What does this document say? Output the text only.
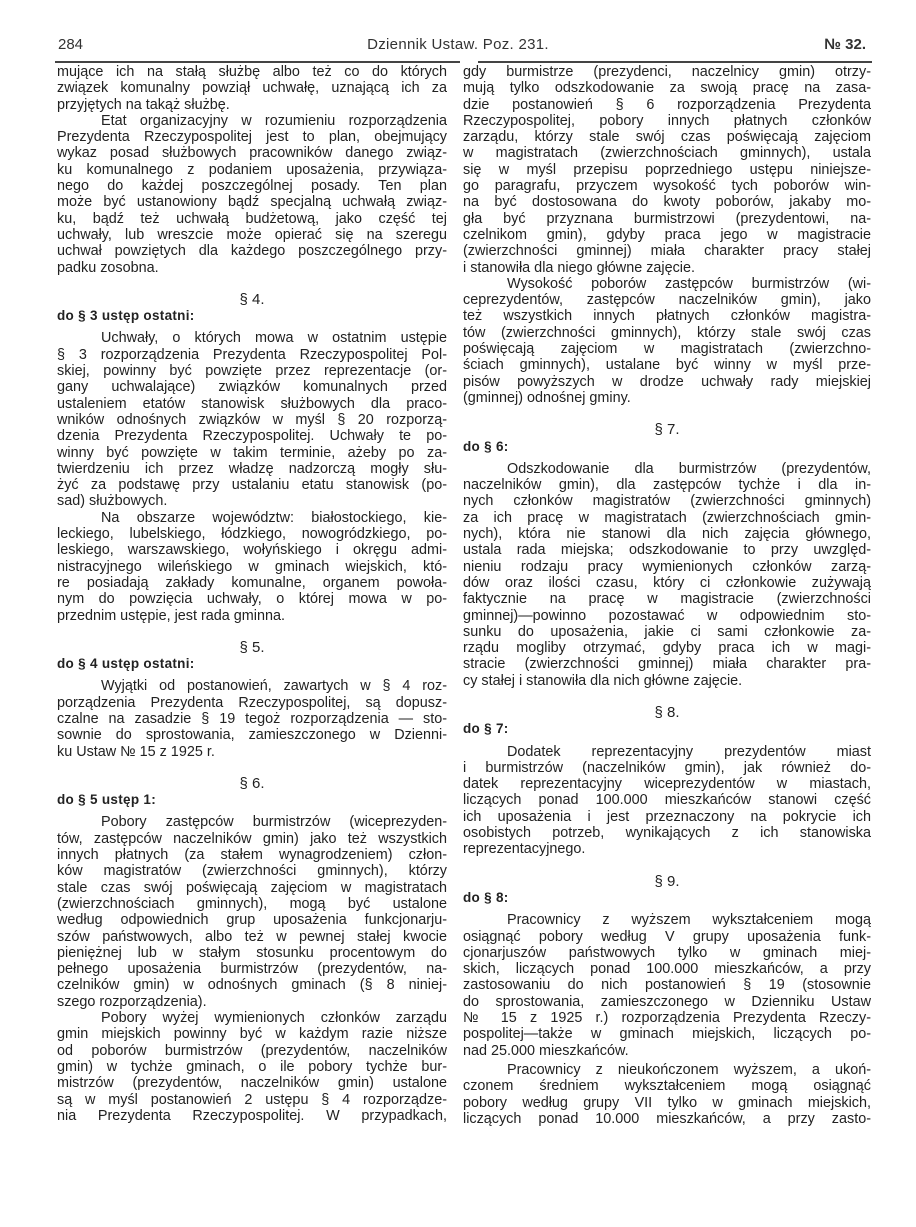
284	Dziennik Ustaw. Poz. 231.	№ 32.
mujące ich na stałą służbę albo też co do których
związek komunalny powziął uchwałę, uznającą ich za
przyjętych na takąż służbę.
Etat organizacyjny w rozumieniu rozporządzenia
Prezydenta Rzeczypospolitej jest to plan, obejmujący
wykaz posad służbowych pracowników danego związ-
ku komunalnego z podaniem uposażenia, przywiąza-
nego do każdej poszczególnej posady. Ten plan
może być ustanowiony bądź specjalną uchwałą związ-
ku, bądź też uchwałą budżetową, jako część tej
uchwały, lub wreszcie może opierać się na szeregu
uchwał powziętych dla każdego poszczególnego przy-
padku zosobna.
§ 4.
do § 3 ustęp ostatni:
Uchwały, o których mowa w ostatnim ustępie
§ 3 rozporządzenia Prezydenta Rzeczypospolitej Pol-
skiej, powinny być powzięte przez reprezentacje (or-
gany uchwalające) związków komunalnych przed
ustaleniem etatów stanowisk służbowych dla praco-
wników odnośnych związków w myśl § 20 rozporzą-
dzenia Prezydenta Rzeczypospolitej. Uchwały te po-
winny być powzięte w takim terminie, ażeby po za-
twierdzeniu ich przez władzę nadzorczą mogły słu-
żyć za podstawę przy ustalaniu etatu stanowisk (po-
sad) służbowych.
Na obszarze województw: białostockiego, kie-
leckiego, lubelskiego, łódzkiego, nowogródzkiego, po-
leskiego, warszawskiego, wołyńskiego i okręgu admi-
nistracyjnego wileńskiego w gminach wiejskich, któ-
re posiadają zakłady komunalne, organem powoła-
nym do powzięcia uchwały, o której mowa w po-
przednim ustępie, jest rada gminna.
§ 5.
do § 4 ustęp ostatni:
Wyjątki od postanowień, zawartych w § 4 roz-
porządzenia Prezydenta Rzeczypospolitej, są dopusz-
czalne na zasadzie § 19 tegoż rozporządzenia — sto-
sownie do sprostowania, zamieszczonego w Dzienni-
ku Ustaw № 15 z 1925 r.
§ 6.
do § 5 ustęp 1:
Pobory zastępców burmistrzów (wiceprezyden-
tów, zastępców naczelników gmin) jako też wszystkich
innych płatnych (za stałem wynagrodzeniem) człon-
ków magistratów (zwierzchności gminnych), którzy
stale czas swój poświęcają zajęciom w magistratach
(zwierzchnościach gminnych), mogą być ustalone
według odpowiednich grup uposażenia funkcjonarju-
szów państwowych, albo też w pewnej stałej kwocie
pieniężnej lub w stałym stosunku procentowym do
pełnego uposażenia burmistrzów (prezydentów, na-
czelników gmin) w odnośnych gminach (§ 8 niniej-
szego rozporządzenia).
Pobory wyżej wymienionych członków zarządu
gmin miejskich powinny być w każdym razie niższe
od poborów burmistrzów (prezydentów, naczelników
gmin) w tychże gminach, o ile pobory tychże bur-
mistrzów (prezydentów, naczelników gmin) ustalone
są w myśl postanowień 2 ustępu § 4 rozporządze-
nia Prezydenta Rzeczypospolitej. W przypadkach,
gdy burmistrze (prezydenci, naczelnicy gmin) otrzy-
mują tylko odszkodowanie za swoją pracę na zasa-
dzie postanowień § 6 rozporządzenia Prezydenta
Rzeczypospolitej, pobory innych płatnych członków
zarządu, którzy stale swój czas poświęcają zajęciom
w magistratach (zwierzchnościach gminnych), ustala
się w myśl przepisu poprzedniego ustępu niniejsze-
go paragrafu, przyczem wysokość tych poborów win-
na być dostosowana do kwoty poborów, jakaby mo-
gła być przyznana burmistrzowi (prezydentowi, na-
czelnikom gmin), gdyby praca jego w magistracie
(zwierzchności gminnej) miała charakter pracy stałej
i stanowiła dla niego główne zajęcie.
Wysokość poborów zastępców burmistrzów (wi-
ceprezydentów, zastępców naczelników gmin), jako
też wszystkich innych płatnych członków magistra-
tów (zwierzchności gminnych), którzy stale swój czas
poświęcają zajęciom w magistratach (zwierzchno-
ściach gminnych), ustalane być winny w myśl prze-
pisów powyższych w drodze uchwały rady miejskiej
(gminnej) odnośnej gminy.
§ 7.
do § 6:
Odszkodowanie dla burmistrzów (prezydentów,
naczelników gmin), dla zastępców tychże i dla in-
nych członków magistratów (zwierzchności gminnych)
za ich pracę w magistratach (zwierzchnościach gmin-
nych), która nie stanowi dla nich zajęcia głównego,
ustala rada miejska; odszkodowanie to przy uwzględ-
nieniu rodzaju pracy wymienionych członków zarzą-
dów oraz ilości czasu, który ci członkowie zużywają
faktycznie na pracę w magistracie (zwierzchności
gminnej)—powinno pozostawać w odpowiednim sto-
sunku do uposażenia, jakie ci sami członkowie za-
rządu mogliby otrzymać, gdyby praca ich w magi-
stracie (zwierzchności gminnej) miała charakter pra-
cy stałej i stanowiła dla nich główne zajęcie.
§ 8.
do § 7:
Dodatek reprezentacyjny prezydentów miast
i burmistrzów (naczelników gmin), jak również do-
datek reprezentacyjny wiceprezydentów w miastach,
liczących ponad 100.000 mieszkańców stanowi część
ich uposażenia i jest przeznaczony na pokrycie ich
osobistych potrzeb, wynikających z ich stanowiska
reprezentacyjnego.
§ 9.
do § 8:
Pracownicy z wyższem wykształceniem mogą
osiągnąć pobory według V grupy uposażenia funk-
cjonarjuszów państwowych tylko w gminach miej-
skich, liczących ponad 100.000 mieszkańców, a przy
zastosowaniu do nich postanowień § 19 (stosownie
do sprostowania, zamieszczonego w Dzienniku Ustaw
№ 15 z 1925 r.) rozporządzenia Prezydenta Rzeczy-
pospolitej—także w gminach miejskich, liczących po-
nad 25.000 mieszkańców.
Pracownicy z nieukończonem wyższem, a ukoń-
czonem średniem wykształceniem mogą osiągnąć
pobory według grupy VII tylko w gminach miejskich,
liczących ponad 10.000 mieszkańców, a przy zasto-
